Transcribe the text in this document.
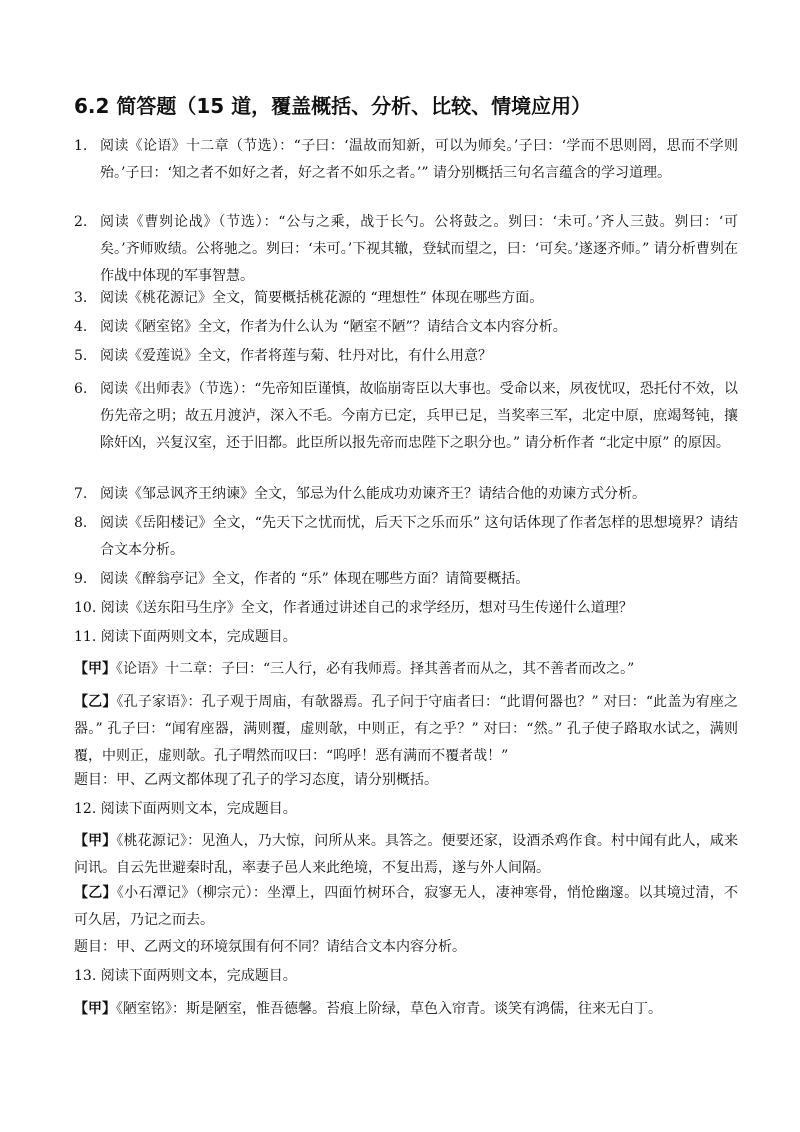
6.2 简答题（15 道，覆盖概括、分析、比较、情境应用）
1. 阅读《论语》十二章（节选）：“子曰：‘温故而知新，可以为师矣。’子曰：‘学而不思则罔，思而不学则殆。’子曰：‘知之者不如好之者，好之者不如乐之者。’” 请分别概括三句名言蕴含的学习道理。
2. 阅读《曹刿论战》（节选）：“公与之乘，战于长勺。公将鼓之。刿曰：‘未可。’齐人三鼓。刿曰：‘可矣。’齐师败绩。公将驰之。刿曰：‘未可。’下视其辙，登轼而望之，曰：‘可矣。’遂逐齐师。” 请分析曹刿在作战中体现的军事智慧。
3. 阅读《桃花源记》全文，简要概括桃花源的 “理想性” 体现在哪些方面。
4. 阅读《陋室铭》全文，作者为什么认为 “陋室不陋”？请结合文本内容分析。
5. 阅读《爱莲说》全文，作者将莲与菊、牡丹对比，有什么用意？
6. 阅读《出师表》（节选）：“先帝知臣谨慎，故临崩寄臣以大事也。受命以来，夙夜忧叹，恐托付不效，以伤先帝之明；故五月渡泸，深入不毛。今南方已定，兵甲已足，当奖率三军，北定中原，庶竭驽钝，攘除奸凶，兴复汉室，还于旧都。此臣所以报先帝而忠陛下之职分也。” 请分析作者 “北定中原” 的原因。
7. 阅读《邹忌讽齐王纳谏》全文，邹忌为什么能成功劝谏齐王？请结合他的劝谏方式分析。
8. 阅读《岳阳楼记》全文，“先天下之忧而忧，后天下之乐而乐” 这句话体现了作者怎样的思想境界？请结合文本分析。
9. 阅读《醉翁亭记》全文，作者的 “乐” 体现在哪些方面？请简要概括。
10. 阅读《送东阳马生序》全文，作者通过讲述自己的求学经历，想对马生传递什么道理？
11. 阅读下面两则文本，完成题目。
【甲】《论语》十二章：子曰：“三人行，必有我师焉。择其善者而从之，其不善者而改之。”
【乙】《孔子家语》：孔子观于周庙，有欹器焉。孔子问于守庙者曰：“此谓何器也？” 对曰：“此盖为宥座之器。” 孔子曰：“闻宥座器，满则覆，虚则欹，中则正，有之乎？” 对曰：“然。” 孔子使子路取水试之，满则覆，中则正，虚则欹。孔子喟然而叹曰：“呜呼！恶有满而不覆者哉！”
题目：甲、乙两文都体现了孔子的学习态度，请分别概括。
12. 阅读下面两则文本，完成题目。
【甲】《桃花源记》：见渔人，乃大惊，问所从来。具答之。便要还家，设酒杀鸡作食。村中闻有此人，咸来问讯。自云先世避秦时乱，率妻子邑人来此绝境，不复出焉，遂与外人间隔。
【乙】《小石潭记》（柳宗元）：坐潭上，四面竹树环合，寂寥无人，凄神寒骨，悄怆幽邃。以其境过清，不可久居，乃记之而去。
题目：甲、乙两文的环境氛围有何不同？请结合文本内容分析。
13. 阅读下面两则文本，完成题目。
【甲】《陋室铭》：斯是陋室，惟吾德馨。苔痕上阶绿，草色入帘青。谈笑有鸿儒，往来无白丁。
